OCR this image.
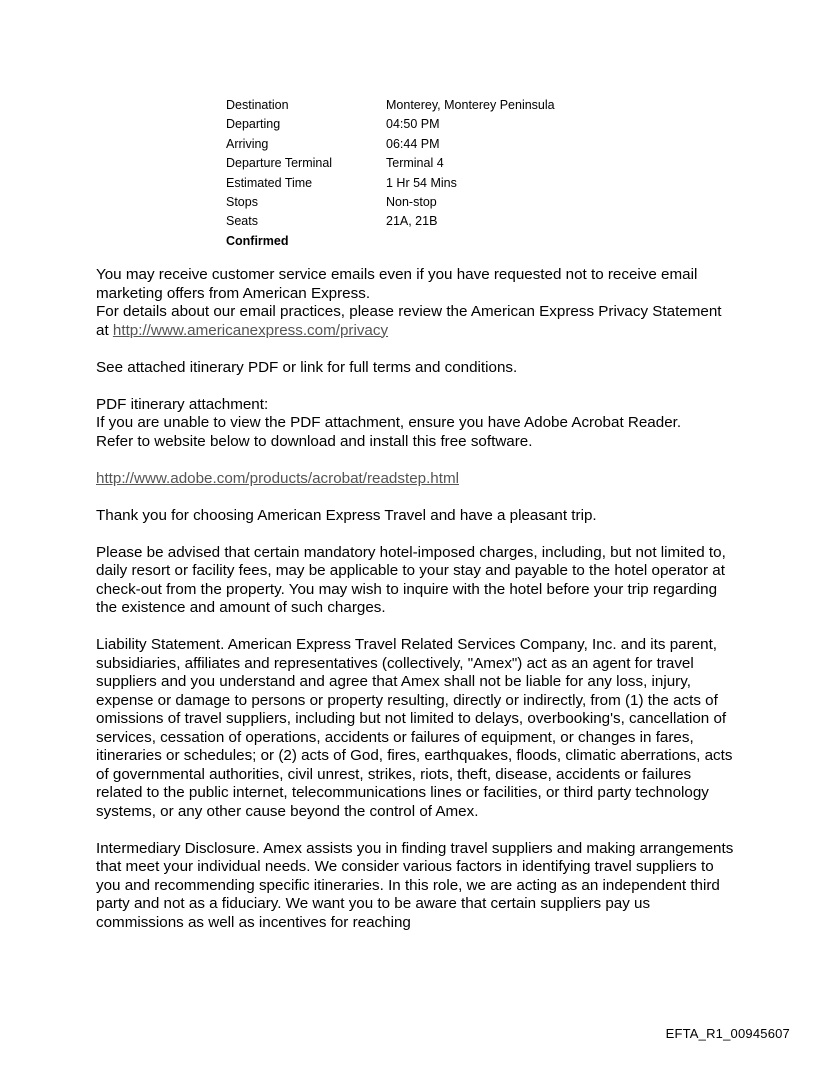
Destination	Monterey, Monterey Peninsula
Departing	04:50 PM
Arriving	06:44 PM
Departure Terminal	Terminal 4
Estimated Time	1 Hr 54 Mins
Stops	Non-stop
Seats	21A, 21B
Confirmed	

You may receive customer service emails even if you have requested not to receive email marketing offers from American Express.
For details about our email practices, please review the American Express Privacy Statement at http://www.americanexpress.com/privacy

See attached itinerary PDF or link for full terms and conditions.

PDF itinerary attachment:
If you are unable to view the PDF attachment, ensure you have Adobe Acrobat Reader.
Refer to website below to download and install this free software.

http://www.adobe.com/products/acrobat/readstep.html

Thank you for choosing American Express Travel and have a pleasant trip.

Please be advised that certain mandatory hotel-imposed charges, including, but not limited to, daily resort or facility fees, may be applicable to your stay and payable to the hotel operator at check-out from the property. You may wish to inquire with the hotel before your trip regarding the existence and amount of such charges.

Liability Statement. American Express Travel Related Services Company, Inc. and its parent, subsidiaries, affiliates and representatives (collectively, "Amex") act as an agent for travel suppliers and you understand and agree that Amex shall not be liable for any loss, injury, expense or damage to persons or property resulting, directly or indirectly, from (1) the acts of omissions of travel suppliers, including but not limited to delays, overbooking's, cancellation of services, cessation of operations, accidents or failures of equipment, or changes in fares, itineraries or schedules; or (2) acts of God, fires, earthquakes, floods, climatic aberrations, acts of governmental authorities, civil unrest, strikes, riots, theft, disease, accidents or failures related to the public internet, telecommunications lines or facilities, or third party technology systems, or any other cause beyond the control of Amex.

Intermediary Disclosure. Amex assists you in finding travel suppliers and making arrangements that meet your individual needs. We consider various factors in identifying travel suppliers to you and recommending specific itineraries. In this role, we are acting as an independent third party and not as a fiduciary. We want you to be aware that certain suppliers pay us commissions as well as incentives for reaching

EFTA_R1_00945607
